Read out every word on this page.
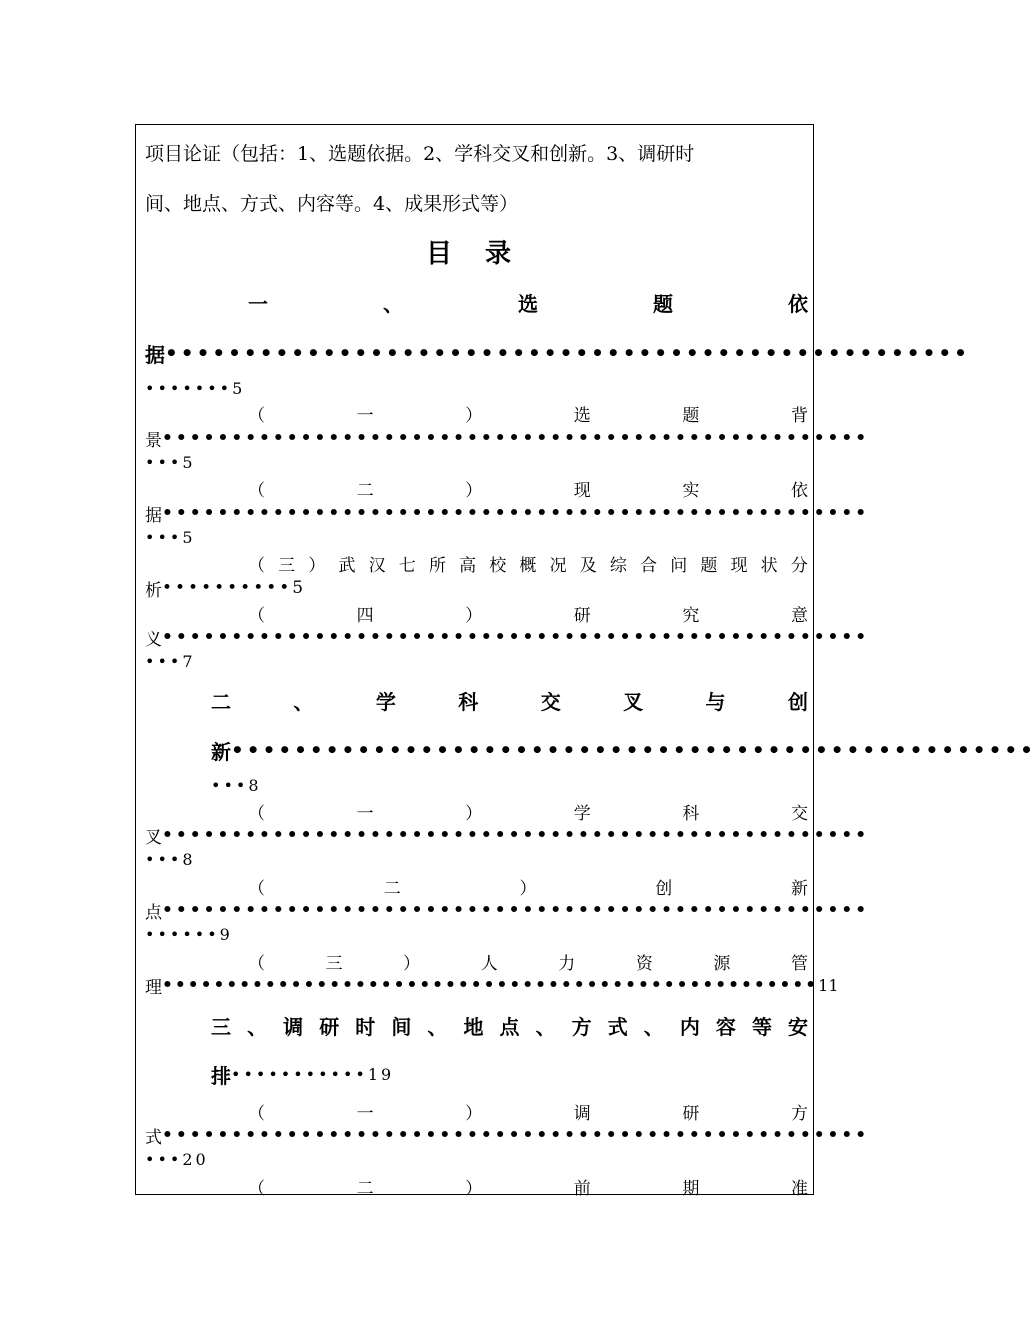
项目论证（包括：1、选题依据。2、学科交叉和创新。3、调研时
间、地点、方式、内容等。4、成果形式等）
目 录
一	、	选	题	依
据 •••••••••••••••••••••••••••••••••••••••••••••••••••
•••••••5
（	一	）	选	题	背
景 •••••••••••••••••••••••••••••••••••••••••••••••••••
•••5
（	二	）	现	实	依
据 •••••••••••••••••••••••••••••••••••••••••••••••••••
•••5
（ 三 ） 武 汉 七 所 高 校 概 况 及 综 合 问 题 现 状 分
析 ••••••••••5
（	四	）	研	究	意
义 •••••••••••••••••••••••••••••••••••••••••••••••••••
•••7
二	、	学	科	交	叉	与	创
新 •••••••••••••••••••••••••••••••••••••••••••••••••••
•••8
（	一	）	学	科	交
叉 •••••••••••••••••••••••••••••••••••••••••••••••••••
•••8
（	二	）	创	新
点 •••••••••••••••••••••••••••••••••••••••••••••••••••
••••••9
（	三	）	人	力	资	源	管
理 ••••••••••••••••••••••••••••••••••••••••••••••••••• 11
三 、 调 研 时 间 、 地 点 、 方 式 、 内 容 等 安
排 •••••••••••19
（	一	）	调	研	方
式 •••••••••••••••••••••••••••••••••••••••••••••••••••
•••20
（	二	）	前	期	准
